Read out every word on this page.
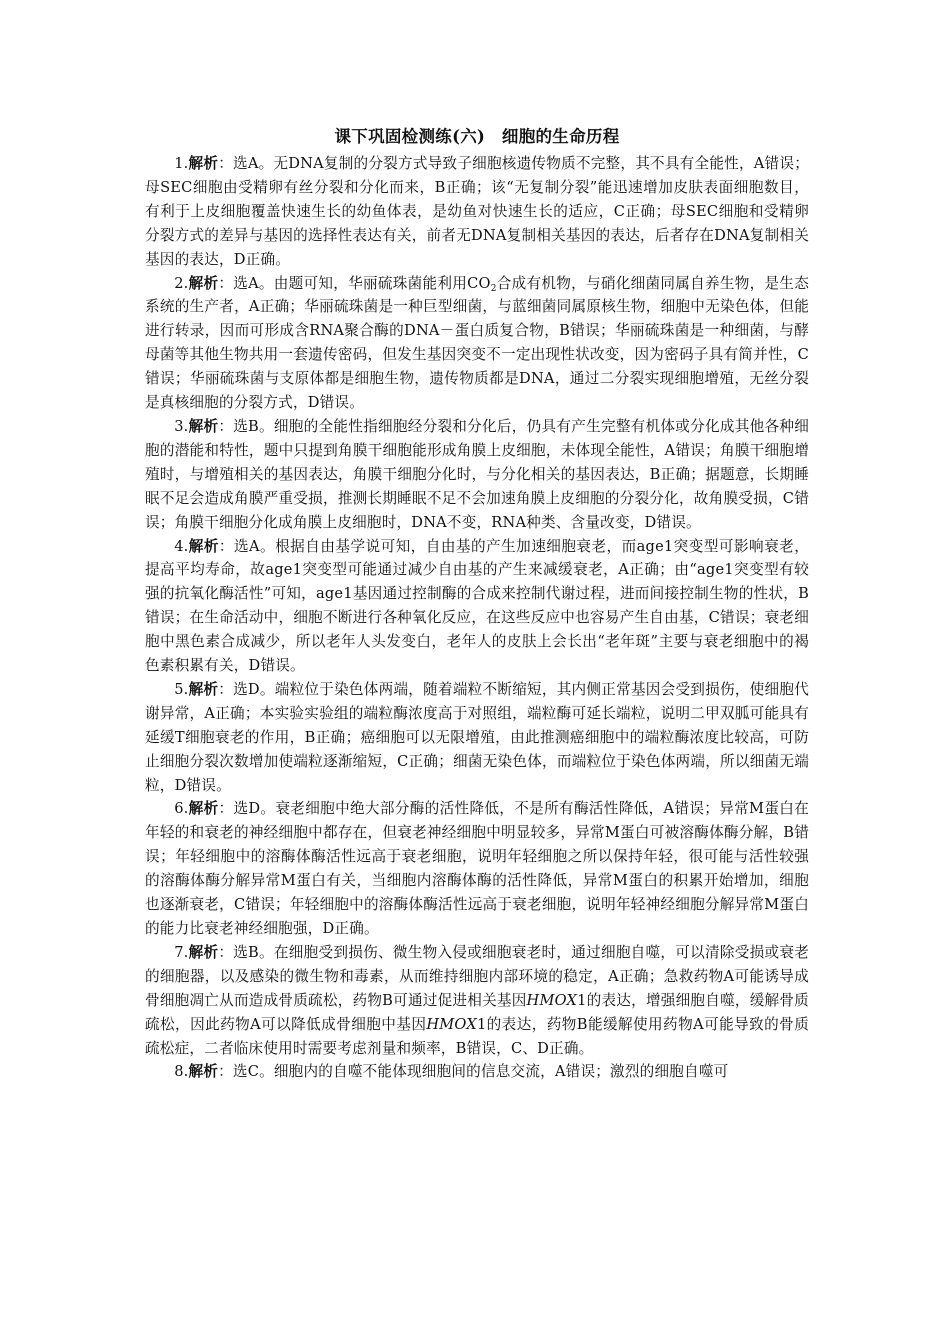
课下巩固检测练(六)　细胞的生命历程

1.解析：选A。无DNA复制的分裂方式导致子细胞核遗传物质不完整，其不具有全能性，A错误；母SEC细胞由受精卵有丝分裂和分化而来，B正确；该“无复制分裂”能迅速增加皮肤表面细胞数目，有利于上皮细胞覆盖快速生长的幼鱼体表，是幼鱼对快速生长的适应，C正确；母SEC细胞和受精卵分裂方式的差异与基因的选择性表达有关，前者无DNA复制相关基因的表达，后者存在DNA复制相关基因的表达，D正确。

2.解析：选A。由题可知，华丽硫珠菌能利用$CO_2$合成有机物，与硝化细菌同属自养生物，是生态系统的生产者，A正确；华丽硫珠菌是一种巨型细菌，与蓝细菌同属原核生物，细胞中无染色体，但能进行转录，因而可形成含RNA聚合酶的DNA－蛋白质复合物，B错误；华丽硫珠菌是一种细菌，与酵母菌等其他生物共用一套遗传密码，但发生基因突变不一定出现性状改变，因为密码子具有简并性，C错误；华丽硫珠菌与支原体都是细胞生物，遗传物质都是DNA，通过二分裂实现细胞增殖，无丝分裂是真核细胞的分裂方式，D错误。

3.解析：选B。细胞的全能性指细胞经分裂和分化后，仍具有产生完整有机体或分化成其他各种细胞的潜能和特性，题中只提到角膜干细胞能形成角膜上皮细胞，未体现全能性，A错误；角膜干细胞增殖时，与增殖相关的基因表达，角膜干细胞分化时，与分化相关的基因表达，B正确；据题意，长期睡眠不足会造成角膜严重受损，推测长期睡眠不足不会加速角膜上皮细胞的分裂分化，故角膜受损，C错误；角膜干细胞分化成角膜上皮细胞时，DNA不变，RNA种类、含量改变，D错误。

4.解析：选A。根据自由基学说可知，自由基的产生加速细胞衰老，而age1突变型可影响衰老，提高平均寿命，故age1突变型可能通过减少自由基的产生来减缓衰老，A正确；由“age1突变型有较强的抗氧化酶活性”可知，age1基因通过控制酶的合成来控制代谢过程，进而间接控制生物的性状，B错误；在生命活动中，细胞不断进行各种氧化反应，在这些反应中也容易产生自由基，C错误；衰老细胞中黑色素合成减少，所以老年人头发变白，老年人的皮肤上会长出“老年斑”主要与衰老细胞中的褐色素积累有关，D错误。

5.解析：选D。端粒位于染色体两端，随着端粒不断缩短，其内侧正常基因会受到损伤，使细胞代谢异常，A正确；本实验实验组的端粒酶浓度高于对照组，端粒酶可延长端粒，说明二甲双胍可能具有延缓T细胞衰老的作用，B正确；癌细胞可以无限增殖，由此推测癌细胞中的端粒酶浓度比较高，可防止细胞分裂次数增加使端粒逐渐缩短，C正确；细菌无染色体，而端粒位于染色体两端，所以细菌无端粒，D错误。

6.解析：选D。衰老细胞中绝大部分酶的活性降低，不是所有酶活性降低，A错误；异常M蛋白在年轻的和衰老的神经细胞中都存在，但衰老神经细胞中明显较多，异常M蛋白可被溶酶体酶分解，B错误；年轻细胞中的溶酶体酶活性远高于衰老细胞，说明年轻细胞之所以保持年轻，很可能与活性较强的溶酶体酶分解异常M蛋白有关，当细胞内溶酶体酶的活性降低，异常M蛋白的积累开始增加，细胞也逐渐衰老，C错误；年轻细胞中的溶酶体酶活性远高于衰老细胞，说明年轻神经细胞分解异常M蛋白的能力比衰老神经细胞强，D正确。

7.解析：选B。在细胞受到损伤、微生物入侵或细胞衰老时，通过细胞自噬，可以清除受损或衰老的细胞器，以及感染的微生物和毒素，从而维持细胞内部环境的稳定，A正确；急救药物A可能诱导成骨细胞凋亡从而造成骨质疏松，药物B可通过促进相关基因HMOX1的表达，增强细胞自噬，缓解骨质疏松，因此药物A可以降低成骨细胞中基因HMOX1的表达，药物B能缓解使用药物A可能导致的骨质疏松症，二者临床使用时需要考虑剂量和频率，B错误，C、D正确。

8.解析：选C。细胞内的自噬不能体现细胞间的信息交流，A错误；激烈的细胞自噬可
